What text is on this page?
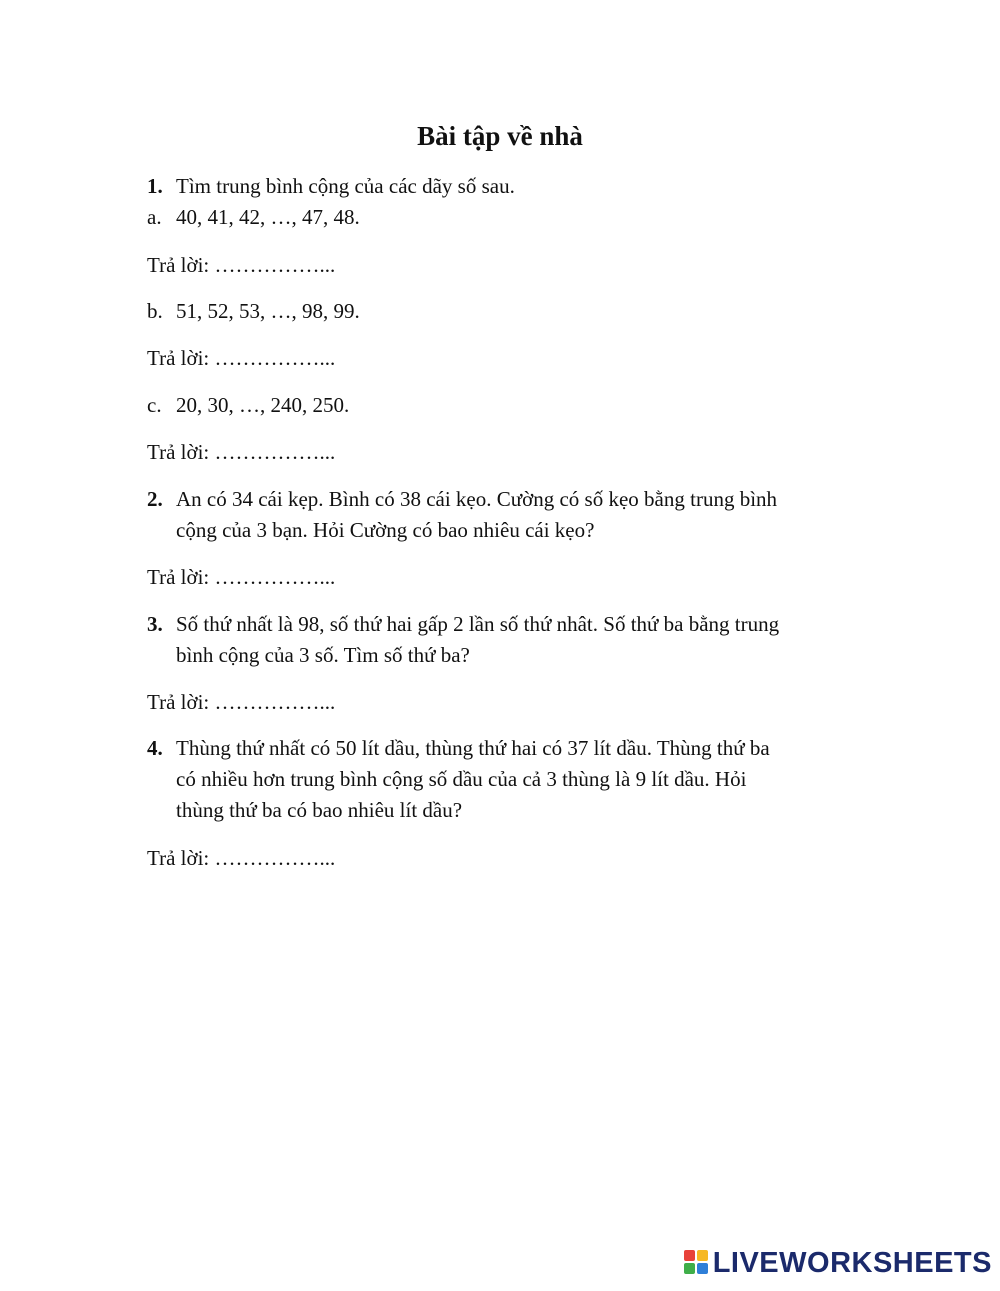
Bài tập về nhà
1. Tìm trung bình cộng của các dãy số sau.
a. 40, 41, 42, …, 47, 48.
Trả lời: ……………...
b. 51, 52, 53, …, 98, 99.
Trả lời: ……………...
c. 20, 30, …, 240, 250.
Trả lời: ……………...
2. An có 34 cái kẹp. Bình có 38 cái kẹo. Cường có số kẹo bằng trung bình
cộng của 3 bạn. Hỏi Cường có bao nhiêu cái kẹo?
Trả lời: ……………...
3. Số thứ nhất là 98, số thứ hai gấp 2 lần số thứ nhât. Số thứ ba bằng trung
bình cộng của 3 số. Tìm số thứ ba?
Trả lời: ……………...
4. Thùng thứ nhất có 50 lít dầu, thùng thứ hai có 37 lít dầu. Thùng thứ ba
có nhiều hơn trung bình cộng số dầu của cả 3 thùng là 9 lít dầu. Hỏi
thùng thứ ba có bao nhiêu lít dầu?
Trả lời: ……………...
LIVEWORKSHEETS
